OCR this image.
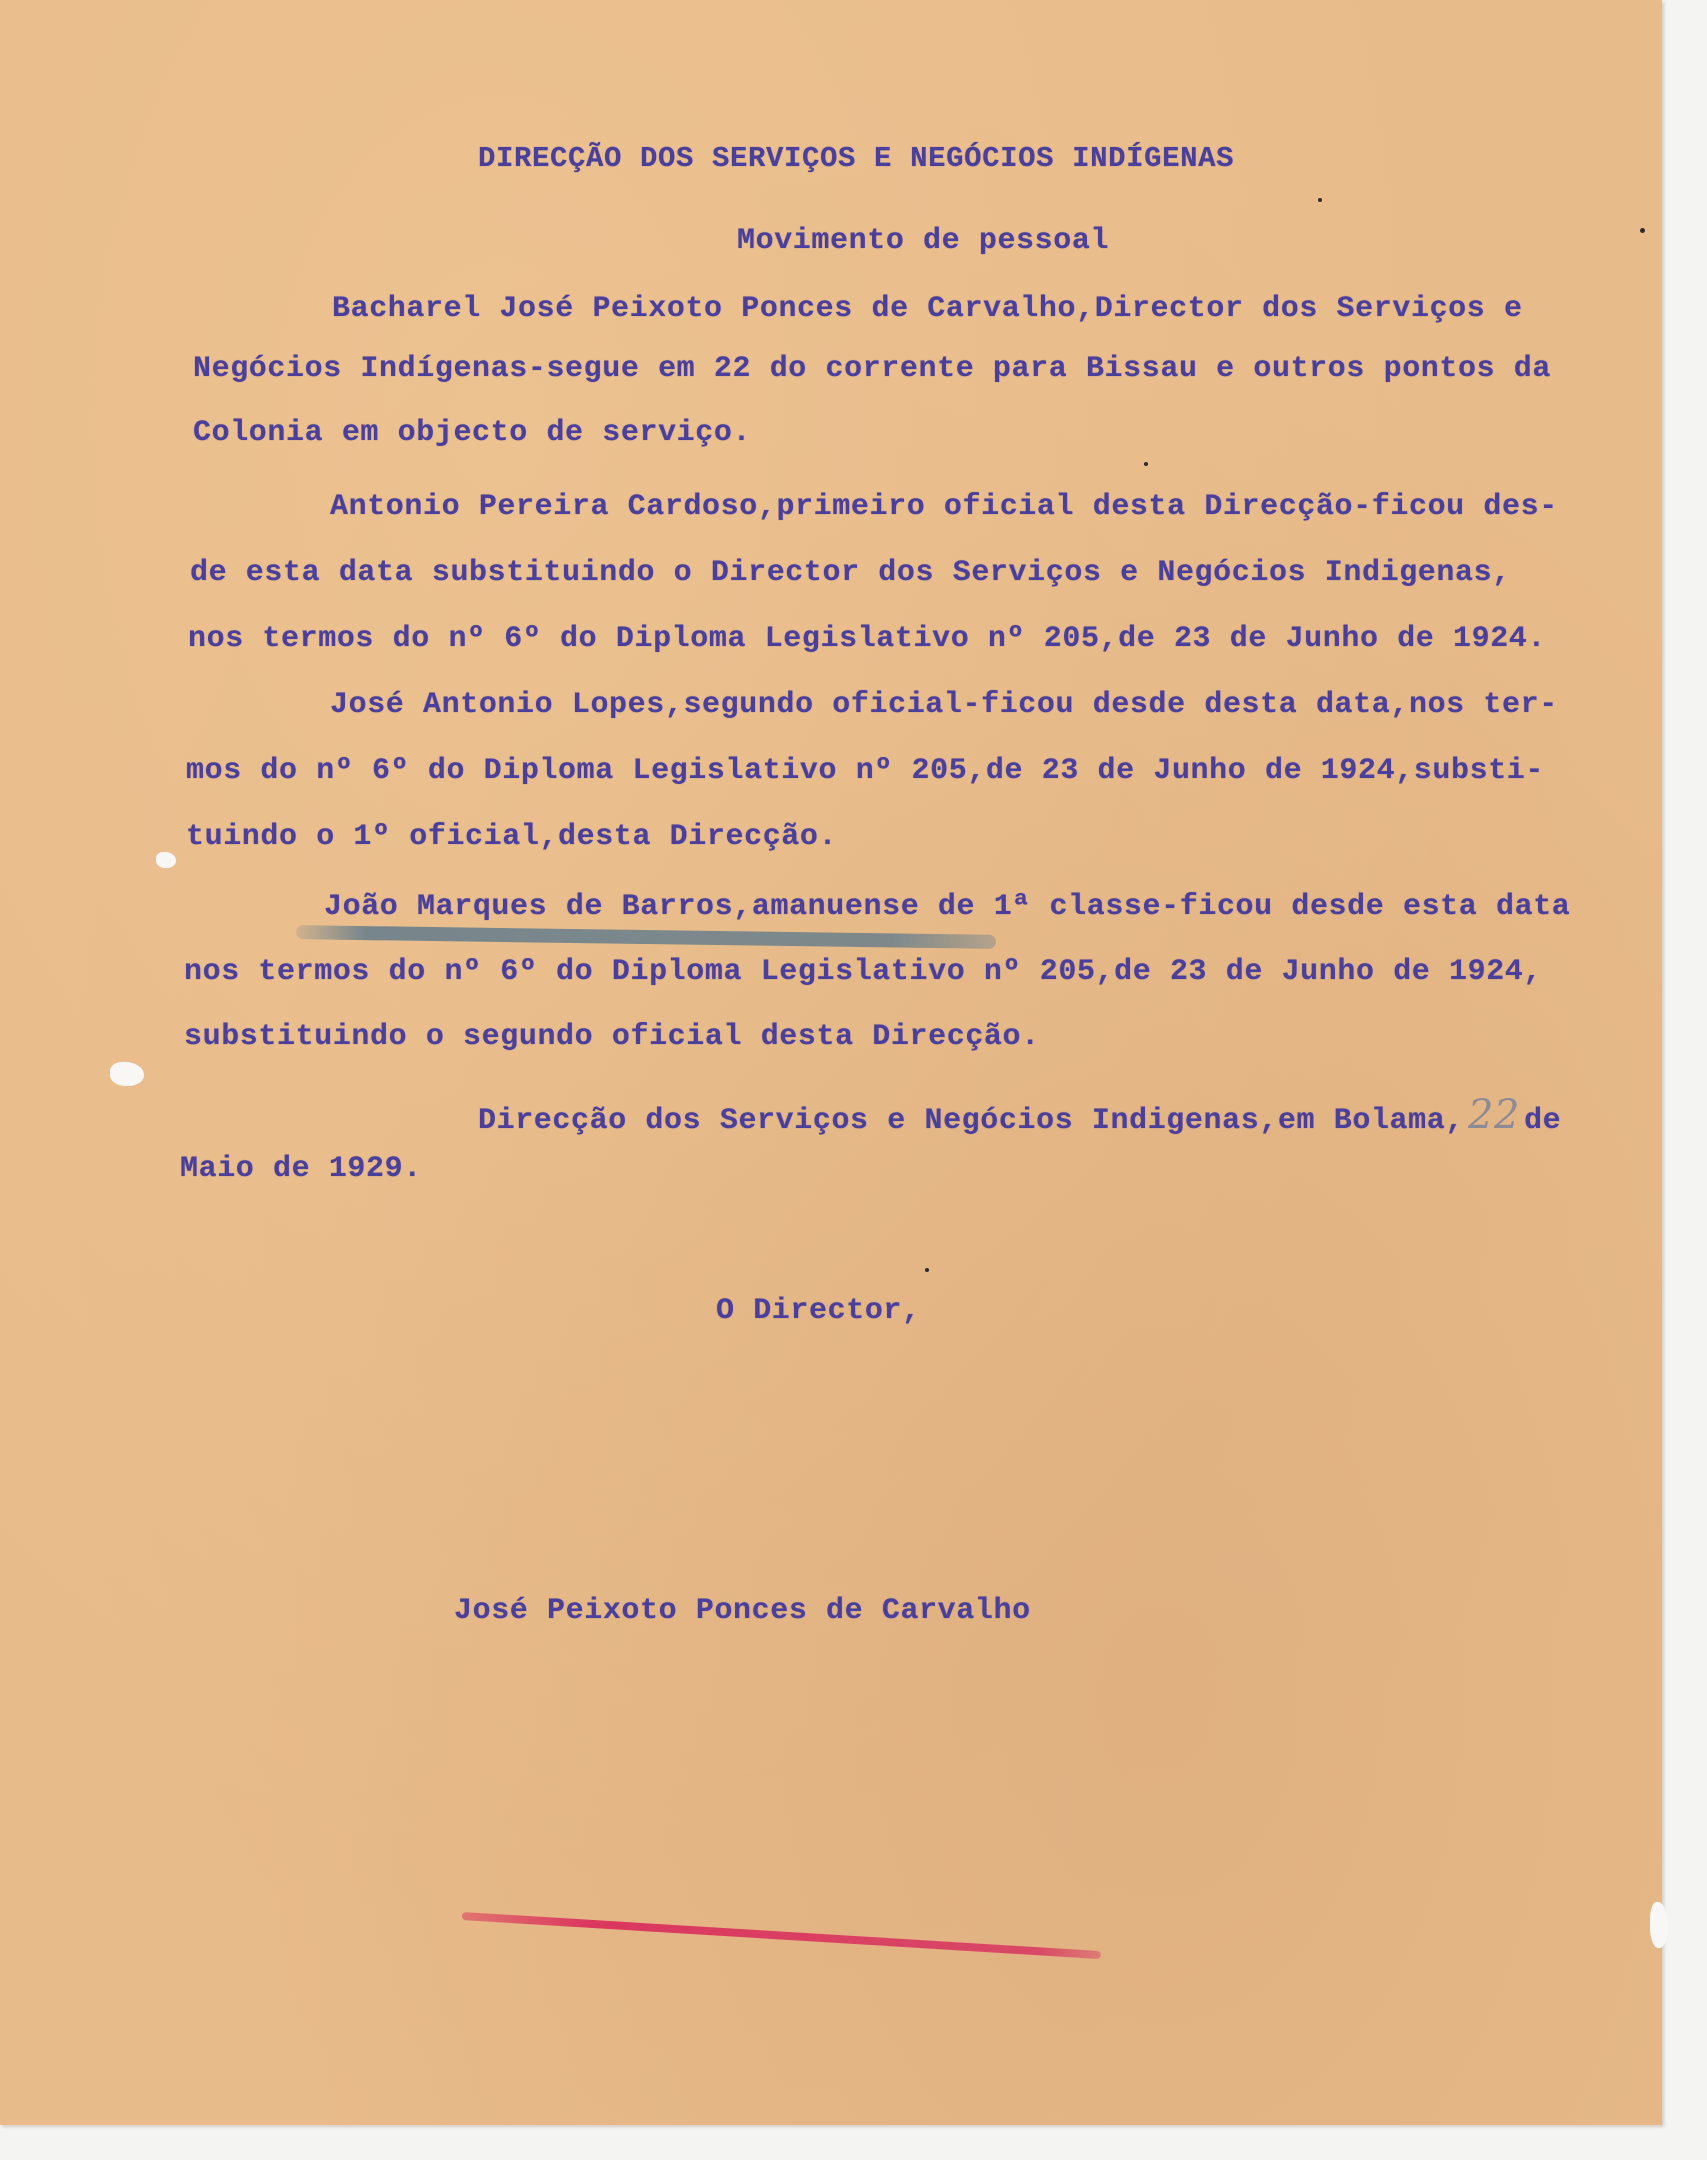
DIRECÇÃO DOS SERVIÇOS E NEGÓCIOS INDÍGENAS
Movimento de pessoal
Bacharel José Peixoto Ponces de Carvalho,Director dos Serviços e
Negócios Indígenas-segue em 22 do corrente para Bissau e outros pontos da
Colonia em objecto de serviço.
Antonio Pereira Cardoso,primeiro oficial desta Direcção-ficou des-
de esta data substituindo o Director dos Serviços e Negócios Indigenas,
nos termos do nº 6º do Diploma Legislativo nº 205,de 23 de Junho de 1924.
José Antonio Lopes,segundo oficial-ficou desde desta data,nos ter-
mos do nº 6º do Diploma Legislativo nº 205,de 23 de Junho de 1924,substi-
tuindo o 1º oficial,desta Direcção.
João Marques de Barros,amanuense de 1ª classe-ficou desde esta data
nos termos do nº 6º do Diploma Legislativo nº 205,de 23 de Junho de 1924,
substituindo o segundo oficial desta Direcção.
Direcção dos Serviços e Negócios Indigenas,em Bolama, 22 de
Maio de 1929.
O Director,
José Peixoto Ponces de Carvalho
